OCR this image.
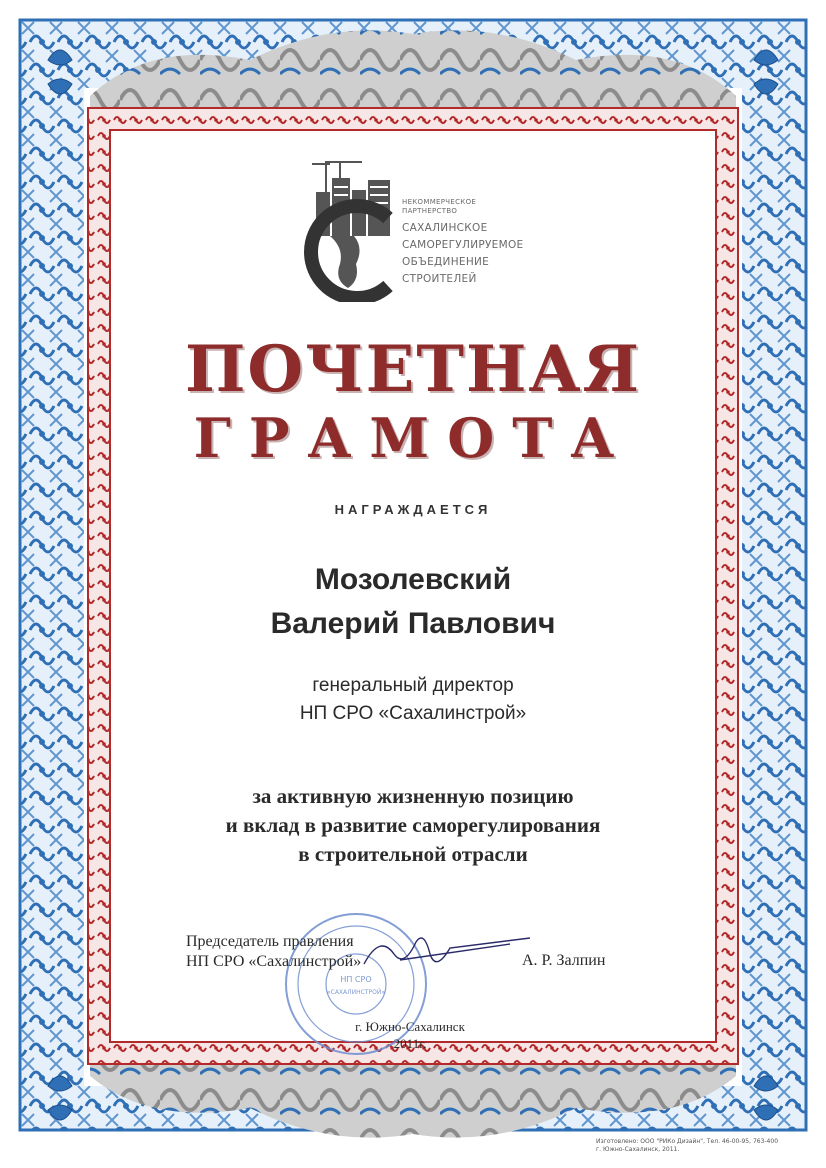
НЕКОММЕРЧЕСКОЕ
ПАРТНЕРСТВО
САХАЛИНСКОЕ
САМОРЕГУЛИРУЕМОЕ
ОБЪЕДИНЕНИЕ
СТРОИТЕЛЕЙ
ПОЧЕТНАЯ
ГРАМОТА
НАГРАЖДАЕТСЯ
Мозолевский
Валерий Павлович
генеральный директор
НП СРО «Сахалинстрой»
за активную жизненную позицию
и вклад в развитие саморегулирования
в строительной отрасли
НП СРО
«САХАЛИНСТРОЙ»
Председатель правления
НП СРО «Сахалинстрой»	А. Р. Залпин
г. Южно-Сахалинск
2011г.
Изготовлено: ООО "РИКо Дизайн", Тел. 46-00-95, 763-400
г. Южно-Сахалинск, 2011.
